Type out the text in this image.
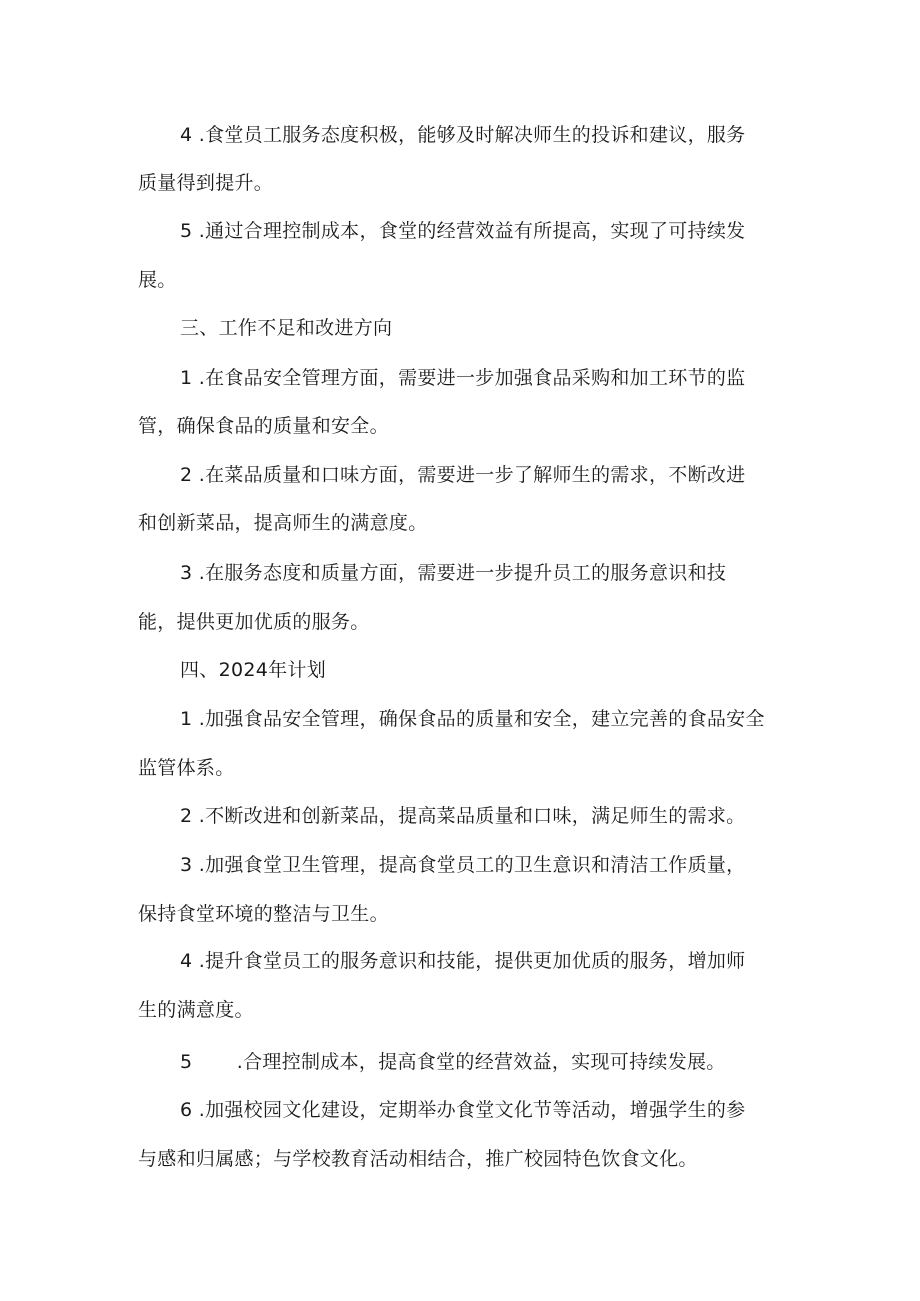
4 .食堂员工服务态度积极，能够及时解决师生的投诉和建议，服务
质量得到提升。
5 .通过合理控制成本，食堂的经营效益有所提高，实现了可持续发
展。
三、工作不足和改进方向
1 .在食品安全管理方面，需要进一步加强食品采购和加工环节的监
管，确保食品的质量和安全。
2 .在菜品质量和口味方面，需要进一步了解师生的需求，不断改进
和创新菜品，提高师生的满意度。
3 .在服务态度和质量方面，需要进一步提升员工的服务意识和技
能，提供更加优质的服务。
四、2024年计划
1 .加强食品安全管理，确保食品的质量和安全，建立完善的食品安全
监管体系。
2 .不断改进和创新菜品，提高菜品质量和口味，满足师生的需求。
3 .加强食堂卫生管理，提高食堂员工的卫生意识和清洁工作质量，
保持食堂环境的整洁与卫生。
4 .提升食堂员工的服务意识和技能，提供更加优质的服务，增加师
生的满意度。
5       .合理控制成本，提高食堂的经营效益，实现可持续发展。
6 .加强校园文化建设，定期举办食堂文化节等活动，增强学生的参
与感和归属感；与学校教育活动相结合，推广校园特色饮食文化。
